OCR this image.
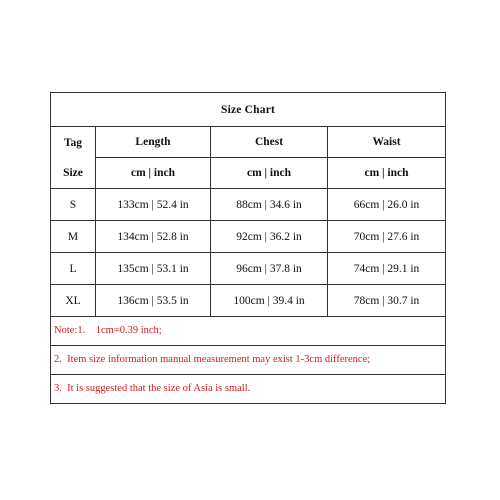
Size Chart			

Tag
Size	Length	Chest	Waist
	cm | inch	cm | inch	cm | inch
S	133cm | 52.4 in	88cm | 34.6 in	66cm | 26.0 in
M	134cm | 52.8 in	92cm | 36.2 in	70cm | 27.6 in
L	135cm | 53.1 in	96cm | 37.8 in	74cm | 29.1 in
XL	136cm | 53.5 in	100cm | 39.4 in	78cm | 30.7 in
Note:1.    1cm=0.39 inch;			
2.  Item size information manual measurement may exist 1-3cm difference;			
3.  It is suggested that the size of Asia is small.			
